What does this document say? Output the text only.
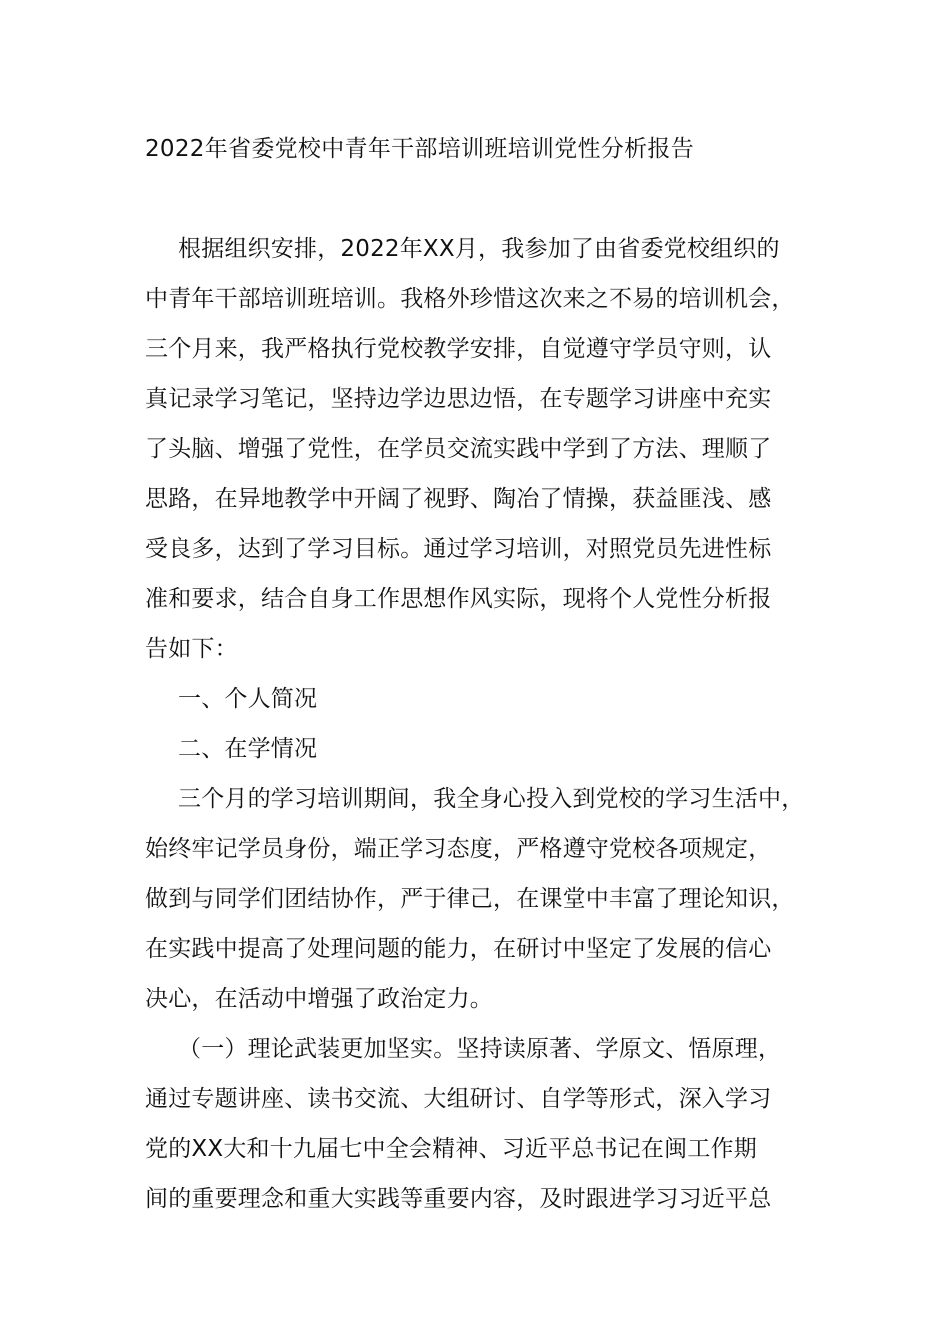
2022年省委党校中青年干部培训班培训党性分析报告
根据组织安排，2022年XX月，我参加了由省委党校组织的
中青年干部培训班培训。我格外珍惜这次来之不易的培训机会，
三个月来，我严格执行党校教学安排，自觉遵守学员守则，认
真记录学习笔记，坚持边学边思边悟，在专题学习讲座中充实
了头脑、增强了党性，在学员交流实践中学到了方法、理顺了
思路，在异地教学中开阔了视野、陶冶了情操，获益匪浅、感
受良多，达到了学习目标。通过学习培训，对照党员先进性标
准和要求，结合自身工作思想作风实际，现将个人党性分析报
告如下：
一、个人简况
二、在学情况
三个月的学习培训期间，我全身心投入到党校的学习生活中，
始终牢记学员身份，端正学习态度，严格遵守党校各项规定，
做到与同学们团结协作，严于律己，在课堂中丰富了理论知识，
在实践中提高了处理问题的能力，在研讨中坚定了发展的信心
决心，在活动中增强了政治定力。
（一）理论武装更加坚实。坚持读原著、学原文、悟原理，
通过专题讲座、读书交流、大组研讨、自学等形式，深入学习
党的XX大和十九届七中全会精神、习近平总书记在闽工作期
间的重要理念和重大实践等重要内容，及时跟进学习习近平总
